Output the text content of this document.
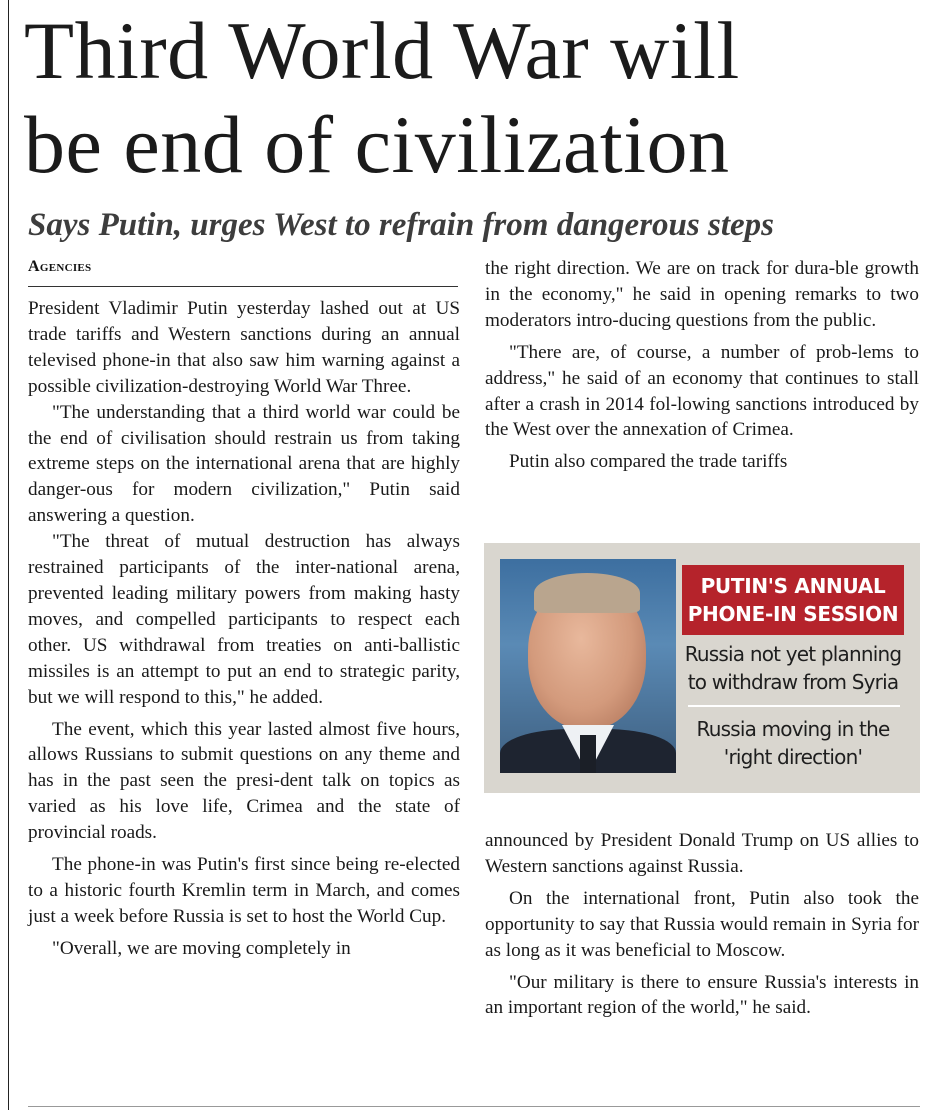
Third World War will
be end of civilization
Says Putin, urges West to refrain from dangerous steps
Agencies

President Vladimir Putin yesterday lashed out at US trade tariffs and Western sanctions during an annual televised phone-in that also saw him warning against a possible civilization-destroying World War Three.

"The understanding that a third world war could be the end of civilisation should restrain us from taking extreme steps on the international arena that are highly danger-ous for modern civilization," Putin said answering a question.

"The threat of mutual destruction has always restrained participants of the inter-national arena, prevented leading military powers from making hasty moves, and compelled participants to respect each other. US withdrawal from treaties on anti-ballistic missiles is an attempt to put an end to strategic parity, but we will respond to this," he added.

The event, which this year lasted almost five hours, allows Russians to submit questions on any theme and has in the past seen the presi-dent talk on topics as varied as his love life, Crimea and the state of provincial roads.

The phone-in was Putin's first since being re-elected to a historic fourth Kremlin term in March, and comes just a week before Russia is set to host the World Cup.

"Overall, we are moving completely in

the right direction. We are on track for dura-ble growth in the economy," he said in opening remarks to two moderators intro-ducing questions from the public.

"There are, of course, a number of prob-lems to address," he said of an economy that continues to stall after a crash in 2014 fol-lowing sanctions introduced by the West over the annexation of Crimea.

Putin also compared the trade tariffs

PUTIN'S ANNUAL PHONE-IN SESSION
Russia not yet planning to withdraw from Syria
Russia moving in the 'right direction'

announced by President Donald Trump on US allies to Western sanctions against Russia.

On the international front, Putin also took the opportunity to say that Russia would remain in Syria for as long as it was beneficial to Moscow.

"Our military is there to ensure Russia's interests in an important region of the world," he said.
